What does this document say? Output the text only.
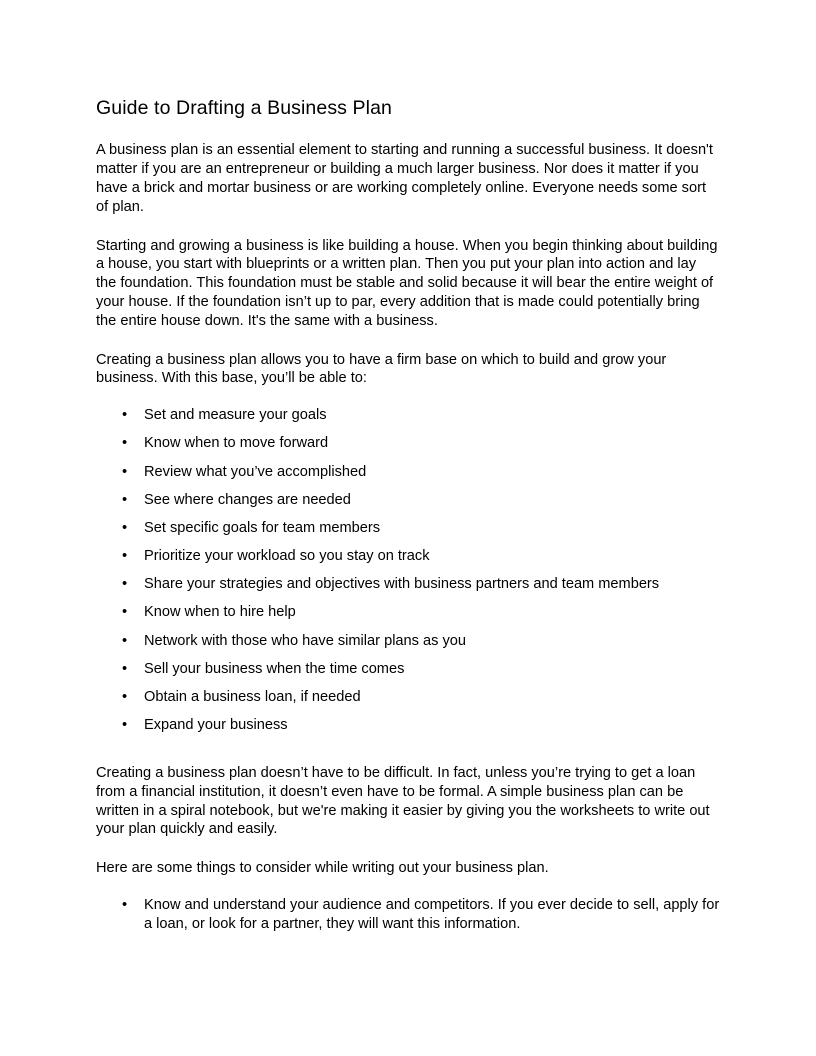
Guide to Drafting a Business Plan

A business plan is an essential element to starting and running a successful business. It doesn't matter if you are an entrepreneur or building a much larger business. Nor does it matter if you have a brick and mortar business or are working completely online. Everyone needs some sort of plan.

Starting and growing a business is like building a house. When you begin thinking about building a house, you start with blueprints or a written plan. Then you put your plan into action and lay the foundation. This foundation must be stable and solid because it will bear the entire weight of your house. If the foundation isn’t up to par, every addition that is made could potentially bring the entire house down. It's the same with a business.

Creating a business plan allows you to have a firm base on which to build and grow your business. With this base, you’ll be able to:

• Set and measure your goals
• Know when to move forward
• Review what you’ve accomplished
• See where changes are needed
• Set specific goals for team members
• Prioritize your workload so you stay on track
• Share your strategies and objectives with business partners and team members
• Know when to hire help
• Network with those who have similar plans as you
• Sell your business when the time comes
• Obtain a business loan, if needed
• Expand your business

Creating a business plan doesn’t have to be difficult. In fact, unless you’re trying to get a loan from a financial institution, it doesn’t even have to be formal. A simple business plan can be written in a spiral notebook, but we're making it easier by giving you the worksheets to write out your plan quickly and easily.

Here are some things to consider while writing out your business plan.

• Know and understand your audience and competitors. If you ever decide to sell, apply for a loan, or look for a partner, they will want this information.
